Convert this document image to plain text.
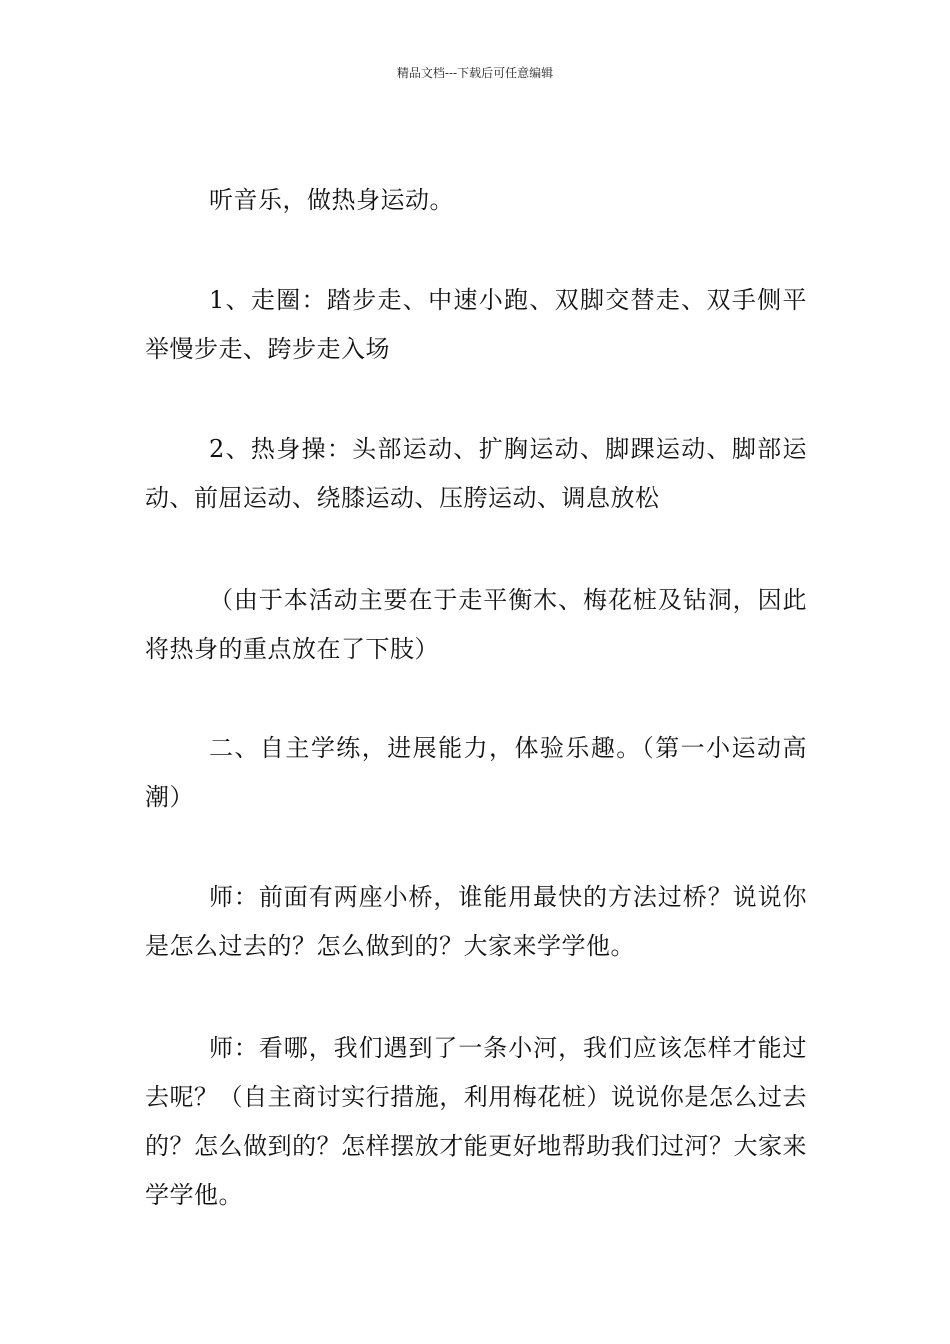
精品文档---下载后可任意编辑

听音乐，做热身运动。

1、走圈：踏步走、中速小跑、双脚交替走、双手侧平举慢步走、跨步走入场

2、热身操：头部运动、扩胸运动、脚踝运动、脚部运动、前屈运动、绕膝运动、压胯运动、调息放松

（由于本活动主要在于走平衡木、梅花桩及钻洞，因此将热身的重点放在了下肢）

二、自主学练，进展能力，体验乐趣。（第一小运动高潮）

师：前面有两座小桥，谁能用最快的方法过桥？说说你是怎么过去的？怎么做到的？大家来学学他。

师：看哪，我们遇到了一条小河，我们应该怎样才能过去呢？（自主商讨实行措施，利用梅花桩）说说你是怎么过去的？怎么做到的？怎样摆放才能更好地帮助我们过河？大家来学学他。
